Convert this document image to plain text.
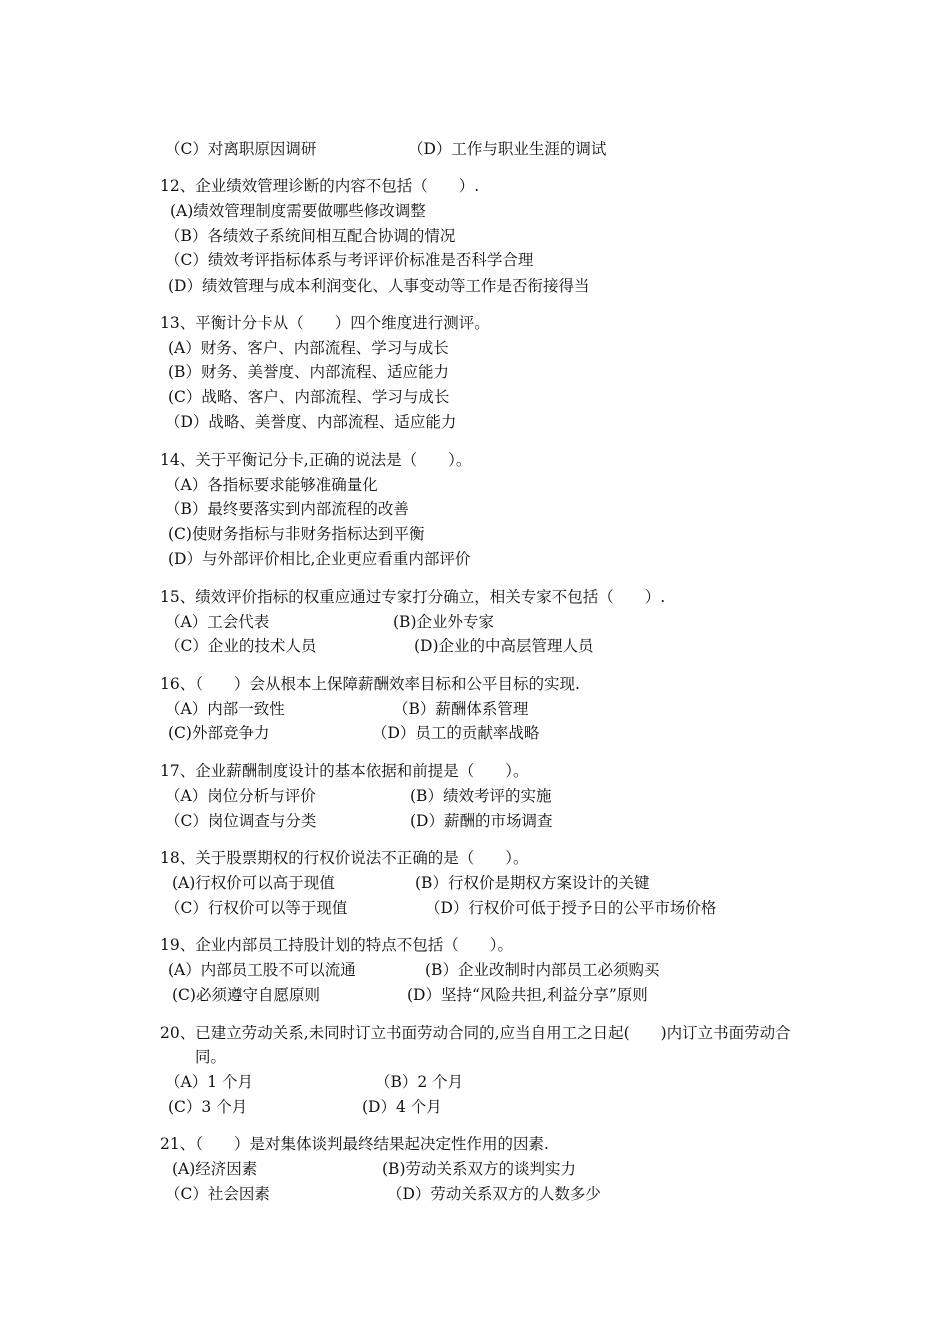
（C）对离职原因调研	（D）工作与职业生涯的调试
12、企业绩效管理诊断的内容不包括（　　）.
(A)绩效管理制度需要做哪些修改调整
（B）各绩效子系统间相互配合协调的情况
（C）绩效考评指标体系与考评评价标准是否科学合理
(D）绩效管理与成本利润变化、人事变动等工作是否衔接得当
13、平衡计分卡从（　　）四个维度进行测评。
(A）财务、客户、内部流程、学习与成长
(B）财务、美誉度、内部流程、适应能力
(C）战略、客户、内部流程、学习与成长
（D）战略、美誉度、内部流程、适应能力
14、关于平衡记分卡,正确的说法是（　　）。
（A）各指标要求能够准确量化
（B）最终要落实到内部流程的改善
(C)使财务指标与非财务指标达到平衡
(D）与外部评价相比,企业更应看重内部评价
15、绩效评价指标的权重应通过专家打分确立，相关专家不包括（　　）.
（A）工会代表	(B)企业外专家
（C）企业的技术人员	(D)企业的中高层管理人员
16、（　　）会从根本上保障薪酬效率目标和公平目标的实现.
（A）内部一致性	（B）薪酬体系管理
(C)外部竞争力	（D）员工的贡献率战略
17、企业薪酬制度设计的基本依据和前提是（　　）。
（A）岗位分析与评价	(B）绩效考评的实施
（C）岗位调查与分类	(D）薪酬的市场调查
18、关于股票期权的行权价说法不正确的是（　　）。
(A)行权价可以高于现值	(B）行权价是期权方案设计的关键
（C）行权价可以等于现值	（D）行权价可低于授予日的公平市场价格
19、企业内部员工持股计划的特点不包括（　　）。
(A）内部员工股不可以流通	(B）企业改制时内部员工必须购买
(C)必须遵守自愿原则	(D）坚持“风险共担,利益分享”原则
20、已建立劳动关系,未同时订立书面劳动合同的,应当自用工之日起(　　)内订立书面劳动合
同。
（A）1 个月	（B）2 个月
(C）3 个月	(D）4 个月
21、（　　）是对集体谈判最终结果起决定性作用的因素.
(A)经济因素	(B)劳动关系双方的谈判实力
（C）社会因素	（D）劳动关系双方的人数多少
